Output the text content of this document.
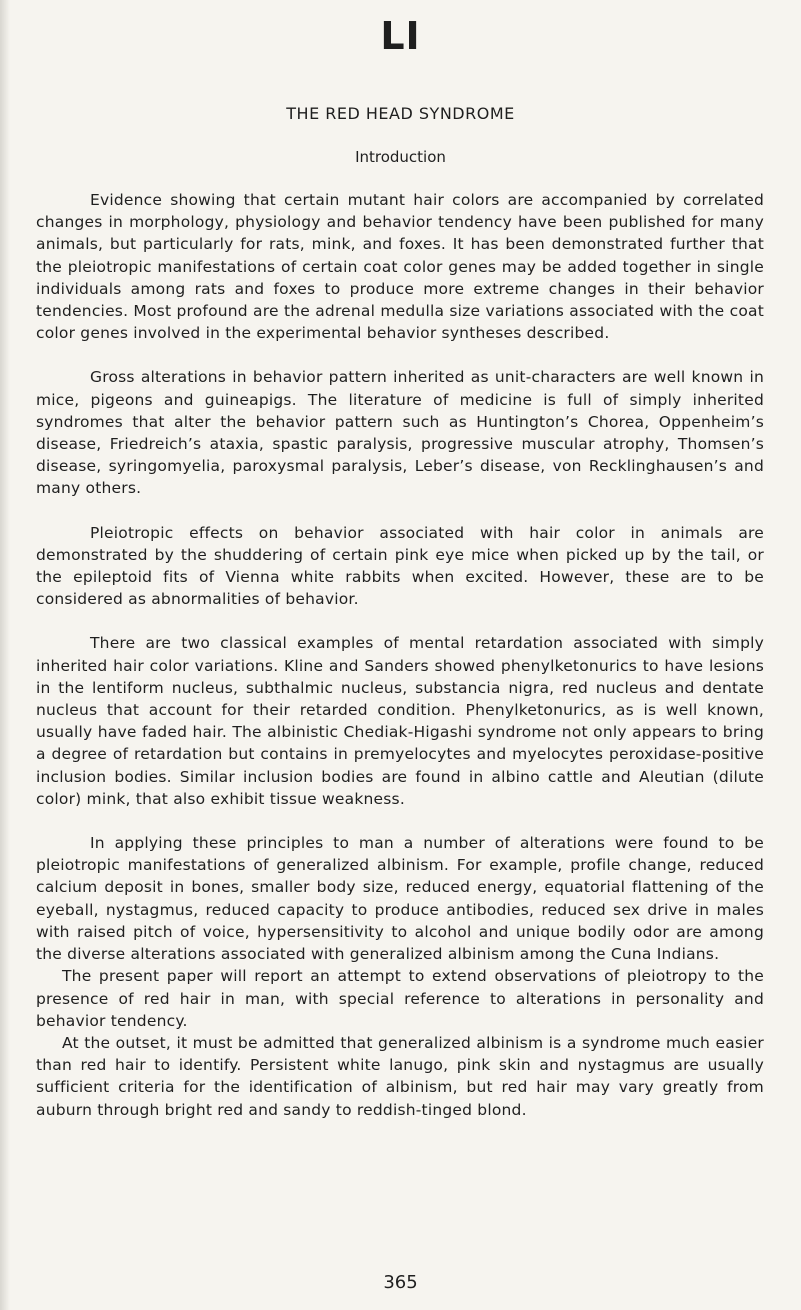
LI
THE RED HEAD SYNDROME
Introduction

Evidence showing that certain mutant hair colors are accompanied by correlated changes in morphology, physiology and behavior tendency have been published for many animals, but particularly for rats, mink, and foxes. It has been demonstrated further that the pleiotropic manifestations of certain coat color genes may be added together in single individuals among rats and foxes to produce more extreme changes in their behavior tendencies. Most profound are the adrenal medulla size variations associated with the coat color genes involved in the experimental behavior syntheses described.

Gross alterations in behavior pattern inherited as unit-characters are well known in mice, pigeons and guineapigs. The literature of medicine is full of simply inherited syndromes that alter the behavior pattern such as Huntington’s Chorea, Oppenheim’s disease, Friedreich’s ataxia, spastic paralysis, progressive muscular atrophy, Thomsen’s disease, syringomyelia, paroxysmal paralysis, Leber’s disease, von Recklinghausen’s and many others.

Pleiotropic effects on behavior associated with hair color in animals are demonstrated by the shuddering of certain pink eye mice when picked up by the tail, or the epileptoid fits of Vienna white rabbits when excited. However, these are to be considered as abnormalities of behavior.

There are two classical examples of mental retardation associated with simply inherited hair color variations. Kline and Sanders showed phenylketonurics to have lesions in the lentiform nucleus, subthalmic nucleus, substancia nigra, red nucleus and dentate nucleus that account for their retarded condition. Phenylketonurics, as is well known, usually have faded hair. The albinistic Chediak-Higashi syndrome not only appears to bring a degree of retardation but contains in premyelocytes and myelocytes peroxidase-positive inclusion bodies. Similar inclusion bodies are found in albino cattle and Aleutian (dilute color) mink, that also exhibit tissue weakness.

In applying these principles to man a number of alterations were found to be pleiotropic manifestations of generalized albinism. For example, profile change, reduced calcium deposit in bones, smaller body size, reduced energy, equatorial flattening of the eyeball, nystagmus, reduced capacity to produce antibodies, reduced sex drive in males with raised pitch of voice, hypersensitivity to alcohol and unique bodily odor are among the diverse alterations associated with generalized albinism among the Cuna Indians.

The present paper will report an attempt to extend observations of pleiotropy to the presence of red hair in man, with special reference to alterations in personality and behavior tendency.

At the outset, it must be admitted that generalized albinism is a syndrome much easier than red hair to identify. Persistent white lanugo, pink skin and nystagmus are usually sufficient criteria for the identification of albinism, but red hair may vary greatly from auburn through bright red and sandy to reddish-tinged blond.

365
